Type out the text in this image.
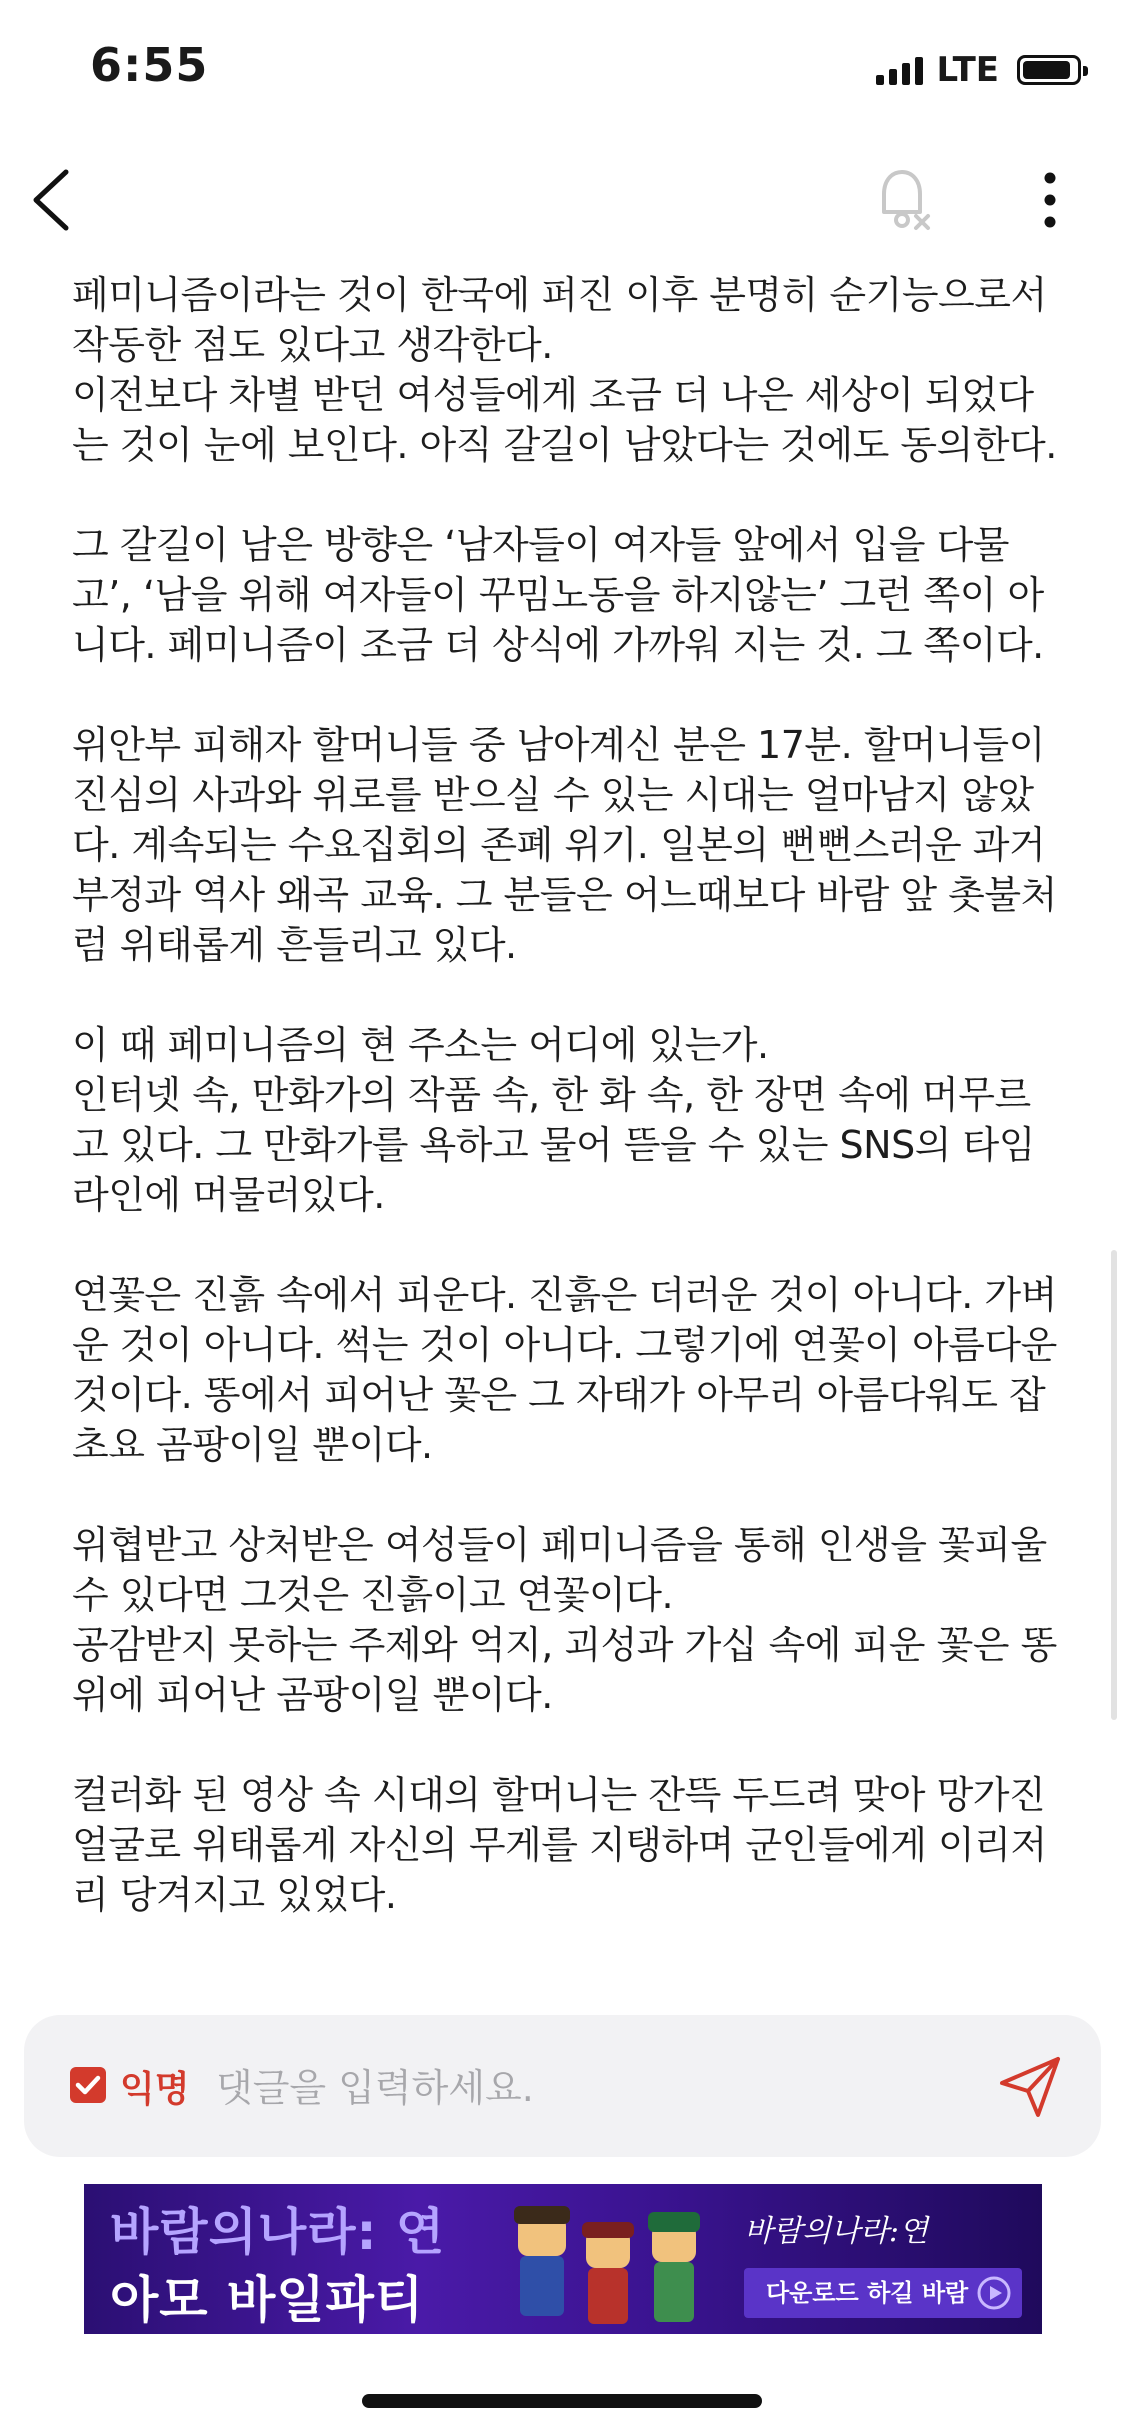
6:55	LTE

페미니즘이라는 것이 한국에 퍼진 이후 분명히 순기능으로서 작동한 점도 있다고 생각한다.
이전보다 차별 받던 여성들에게 조금 더 나은 세상이 되었다는 것이 눈에 보인다. 아직 갈길이 남았다는 것에도 동의한다.

그 갈길이 남은 방향은 ‘남자들이 여자들 앞에서 입을 다물고’, ‘남을 위해 여자들이 꾸밈노동을 하지않는’ 그런 쪽이 아니다. 페미니즘이 조금 더 상식에 가까워 지는 것. 그 쪽이다.

위안부 피해자 할머니들 중 남아계신 분은 17분. 할머니들이 진심의 사과와 위로를 받으실 수 있는 시대는 얼마남지 않았다. 계속되는 수요집회의 존폐 위기. 일본의 뻔뻔스러운 과거 부정과 역사 왜곡 교육. 그 분들은 어느때보다 바람 앞 촛불처럼 위태롭게 흔들리고 있다.

이 때 페미니즘의 현 주소는 어디에 있는가.
인터넷 속, 만화가의 작품 속, 한 화 속, 한 장면 속에 머무르고 있다. 그 만화가를 욕하고 물어 뜯을 수 있는 SNS의 타임라인에 머물러있다.

연꽃은 진흙 속에서 피운다. 진흙은 더러운 것이 아니다. 가벼운 것이 아니다. 썩는 것이 아니다. 그렇기에 연꽃이 아름다운 것이다. 똥에서 피어난 꽃은 그 자태가 아무리 아름다워도 잡초요 곰팡이일 뿐이다.

위협받고 상처받은 여성들이 페미니즘을 통해 인생을 꽃피울 수 있다면 그것은 진흙이고 연꽃이다.
공감받지 못하는 주제와 억지, 괴성과 가십 속에 피운 꽃은 똥위에 피어난 곰팡이일 뿐이다.

컬러화 된 영상 속 시대의 할머니는 잔뜩 두드려 맞아 망가진 얼굴로 위태롭게 자신의 무게를 지탱하며 군인들에게 이리저리 당겨지고 있었다.

익명
댓글을 입력하세요.
바람의나라: 연
아모 바일파티
바람의나라:연
다운로드 하길 바람
